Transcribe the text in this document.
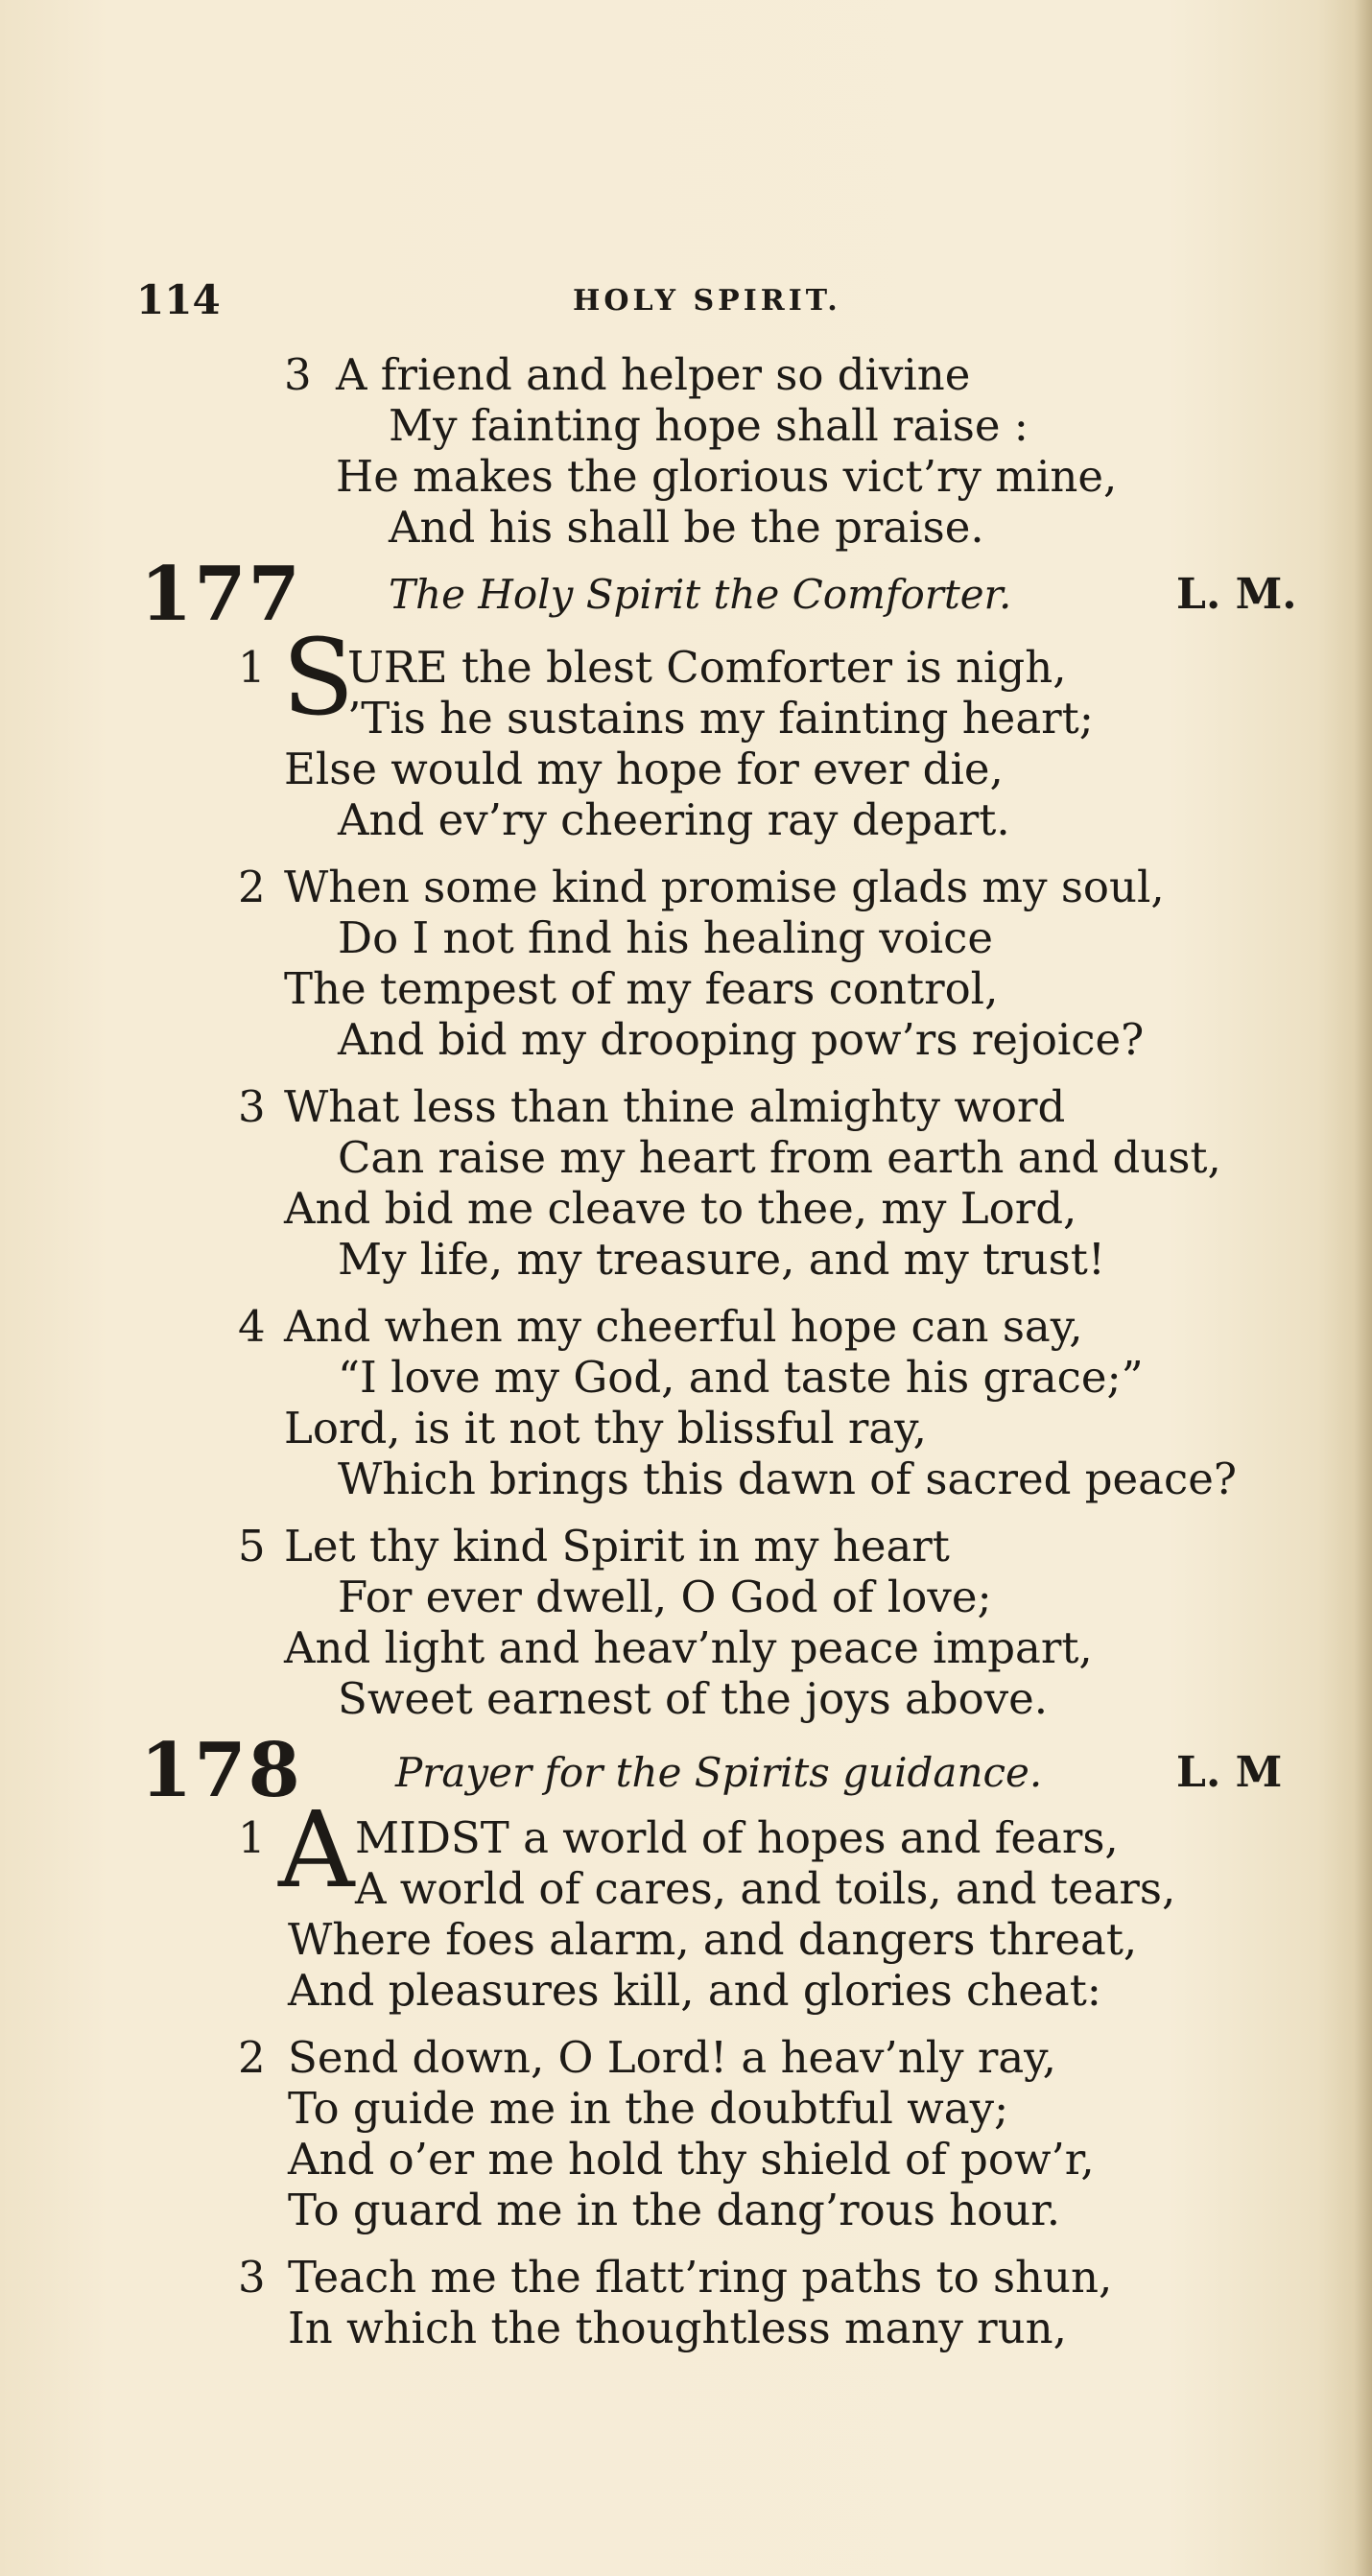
114	HOLY SPIRIT.
3 A friend and helper so divine
My fainting hope shall raise :
He makes the glorious vict’ry mine,
And his shall be the praise.
177 The Holy Spirit the Comforter.	L. M.
1 S
URE the blest Comforter is nigh,
’Tis he sustains my fainting heart;
Else would my hope for ever die,
And ev’ry cheering ray depart.
2 When some kind promise glads my soul,
Do I not find his healing voice
The tempest of my fears control,
And bid my drooping pow’rs rejoice?
3 What less than thine almighty word
Can raise my heart from earth and dust,
And bid me cleave to thee, my Lord,
My life, my treasure, and my trust!
4 And when my cheerful hope can say,
“I love my God, and taste his grace;”
Lord, is it not thy blissful ray,
Which brings this dawn of sacred peace?
5 Let thy kind Spirit in my heart
For ever dwell, O God of love;
And light and heav’nly peace impart,
Sweet earnest of the joys above.
178 Prayer for the Spirits guidance.	L. M
1 A MIDST a world of hopes and fears,
A world of cares, and toils, and tears,
Where foes alarm, and dangers threat,
And pleasures kill, and glories cheat:
2 Send down, O Lord! a heav’nly ray,
To guide me in the doubtful way;
And o’er me hold thy shield of pow’r,
To guard me in the dang’rous hour.
3 Teach me the flatt’ring paths to shun,
In which the thoughtless many run,
